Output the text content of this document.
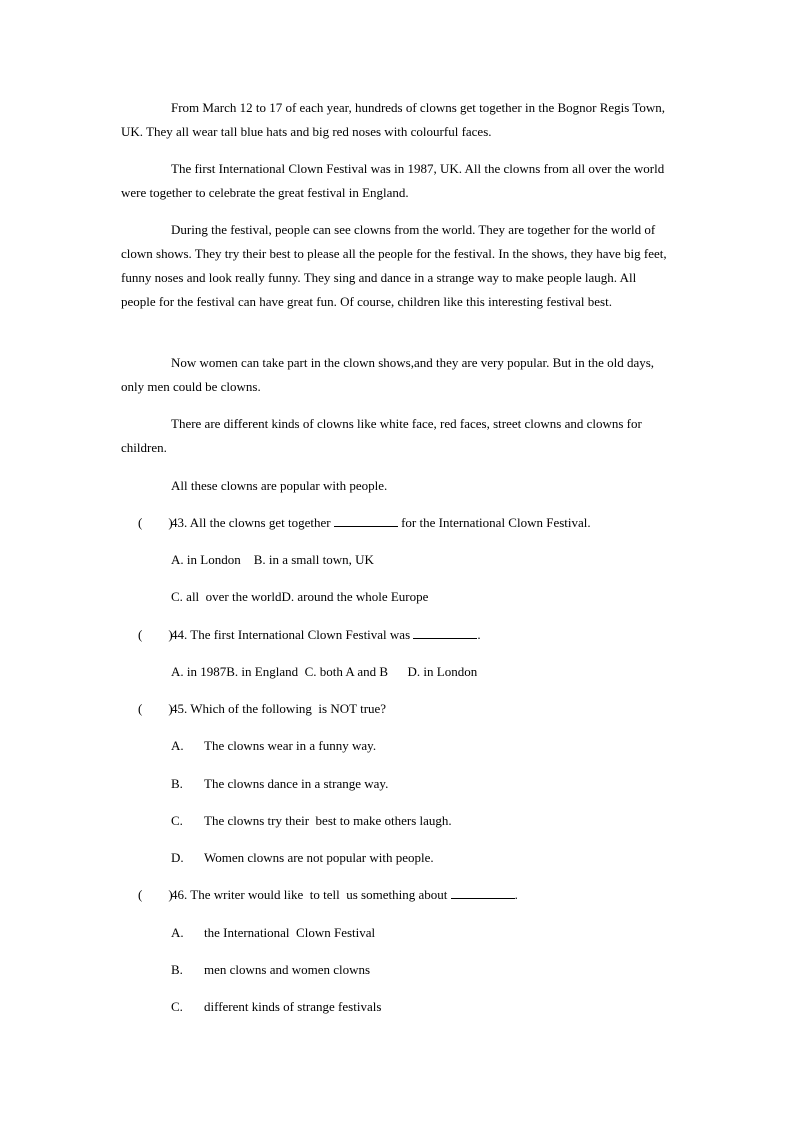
From March 12 to 17 of each year, hundreds of clowns get together in the Bognor Regis Town, UK. They all wear tall blue hats and big red noses with colourful faces.

The first International Clown Festival was in 1987, UK. All the clowns from all over the world were together to celebrate the great festival in England.

During the festival, people can see clowns from the world. They are together for the world of clown shows. They try their best to please all the people for the festival. In the shows, they have big feet, funny noses and look really funny. They sing and dance in a strange way to make people laugh. All people for the festival can have great fun. Of course, children like this interesting festival best.

Now women can take part in the clown shows,and they are very popular. But in the old days, only men could be clowns.

There are different kinds of clowns like white face, red faces, street clowns and clowns for children.

All these clowns are popular with people.

(        )
43. All the clowns get together	for the International Clown Festival.
A. in London    B. in a small town, UK
C. all  over the worldD. around the whole Europe
(        )
44. The first International Clown Festival was	.
A. in 1987B. in England  C. both A and B      D. in London
(        )
45. Which of the following  is NOT true?
A. The clowns wear in a funny way.
B. The clowns dance in a strange way.
C. The clowns try their  best to make others laugh.
D. Women clowns are not popular with people.
(        )
46. The writer would like  to tell  us something about	.
A. the International  Clown Festival
B. men clowns and women clowns
C. different kinds of strange festivals
